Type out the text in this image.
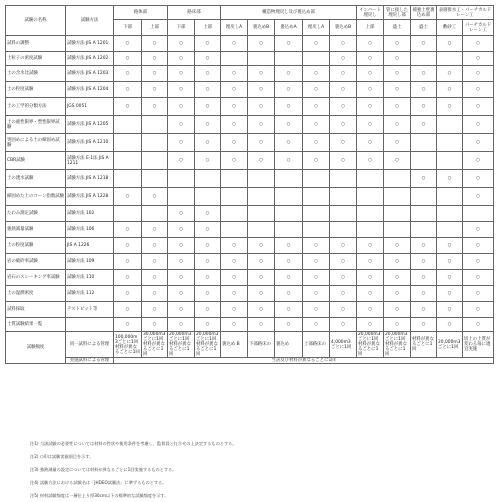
試験の名称	試験方法	路体部		路床部		構造物埋戻し及び裏込め部					インバート埋戻し	管に接した埋戻し部	補強土壁裏込め部	表層排水工・パーチカルドレーン工	
		下部	上部	下部	上部	埋戻しA	裏込めB	裏込めA	埋戻しA	裏込めB	上部	盛土	盛土	敷砂工	パーチカルドレーン工	
試料の調整	試験方法 JIS A 1201	○	○	○	○	○	○	○	○	○	○	○	○	○	○	
土粒子の密度試験	試験方法 JIS A 1202	○	○	○	○					○	○	○			○	
土の含水比試験	試験方法 JIS A 1203	○	○	○	○	○	○	○	○	○	○	○	○	○	○	
土の粒度試験	試験方法 JIS A 1204	○	○	○	○	○	○	○	○	○	○	○	○	○	○	
土の工学的分類方法	JGS 0051	○	○	○	○	○	○	○	○	○	○	○	○	○	○	
土の液性限界・塑性限界試験	試験方法 JIS A 1205			○	○	○	○	○	○	○	○	○	○		○	
突固めによる土の締固め試験	試験方法 JIS A 1210			○	○	○	○	○	○	○	○	○			○	
CBR試験	試験方法 E-1法 JIS A 1211			○	○	○	○	○	○	○	○	○			○	
土の透水試験	試験方法 JIS A 1218												○	○	○	
締固めた土のコーン指数試験	試験方法 JIS A 1228	○	○												○	
たわみ測定試験	試験方法 102			○	○											
強熱減量試験	試験方法 106	○	○	○	○										○	
土の粒度試験	JIS A 1226	○	○	○	○	○	○	○	○	○	○	○	○	○	○	
岩の破砕率試験	試験方法 109	○	○	○	○	○	○	○	○	○	○	○	○	○	○	
岩石のスレーキング率試験	試験方法 110	○	○	○	○	○	○	○	○	○	○	○	○	○	○	
土の湿潤密度	試験方法 112	○	○	○	○	○	○	○	○	○	○	○	○	○	○	
試料採取	テストピット等	○	○	○	○	○	○	○	○	○	○	○	○	○	○	
土質試験結果一覧		○	○	○	○	○	○	○	○	○	○	○	○	○	○	
試験頻度	同一試料による管理	100,000m3ごとに1回 材料が異なるごとに1回	30,000m3ごとに1回 材料が異なるごとに1回	20,000m3ごとに1回 材料が異なるごとに1回	20,000m3ごとに1回 材料が異なるごとに1回	裏込め B	下部路床の	裏込め	上部路床の	4,000m3ごとに1回	20,000m3ごとに1回 材料が異なるごとに1回	20,000m3ごとに1回 材料が異なるごとに1回	材料が異なるごとに1回	20,000m3ごとに1回	切土の土質が変わる毎に適宜実施	
	実施試料による管理	当該及び材料が異なるごとに1回														
注1) 当該試験の必要性については材料の性状や使用条件を考慮し、監督員と打合せの上決定するものとする。
注2) ○印は試験実施項目を示す。
注3) 強熱減量の設定については材料が異なるごとに1回実施するものとする。
注4) 試験方法における試験名は「JHDEO試験法」に準ずるものとする。
注5) 材料試験頻度は一層仕上り厚30cm以下の標準的な試験頻度を示す。
